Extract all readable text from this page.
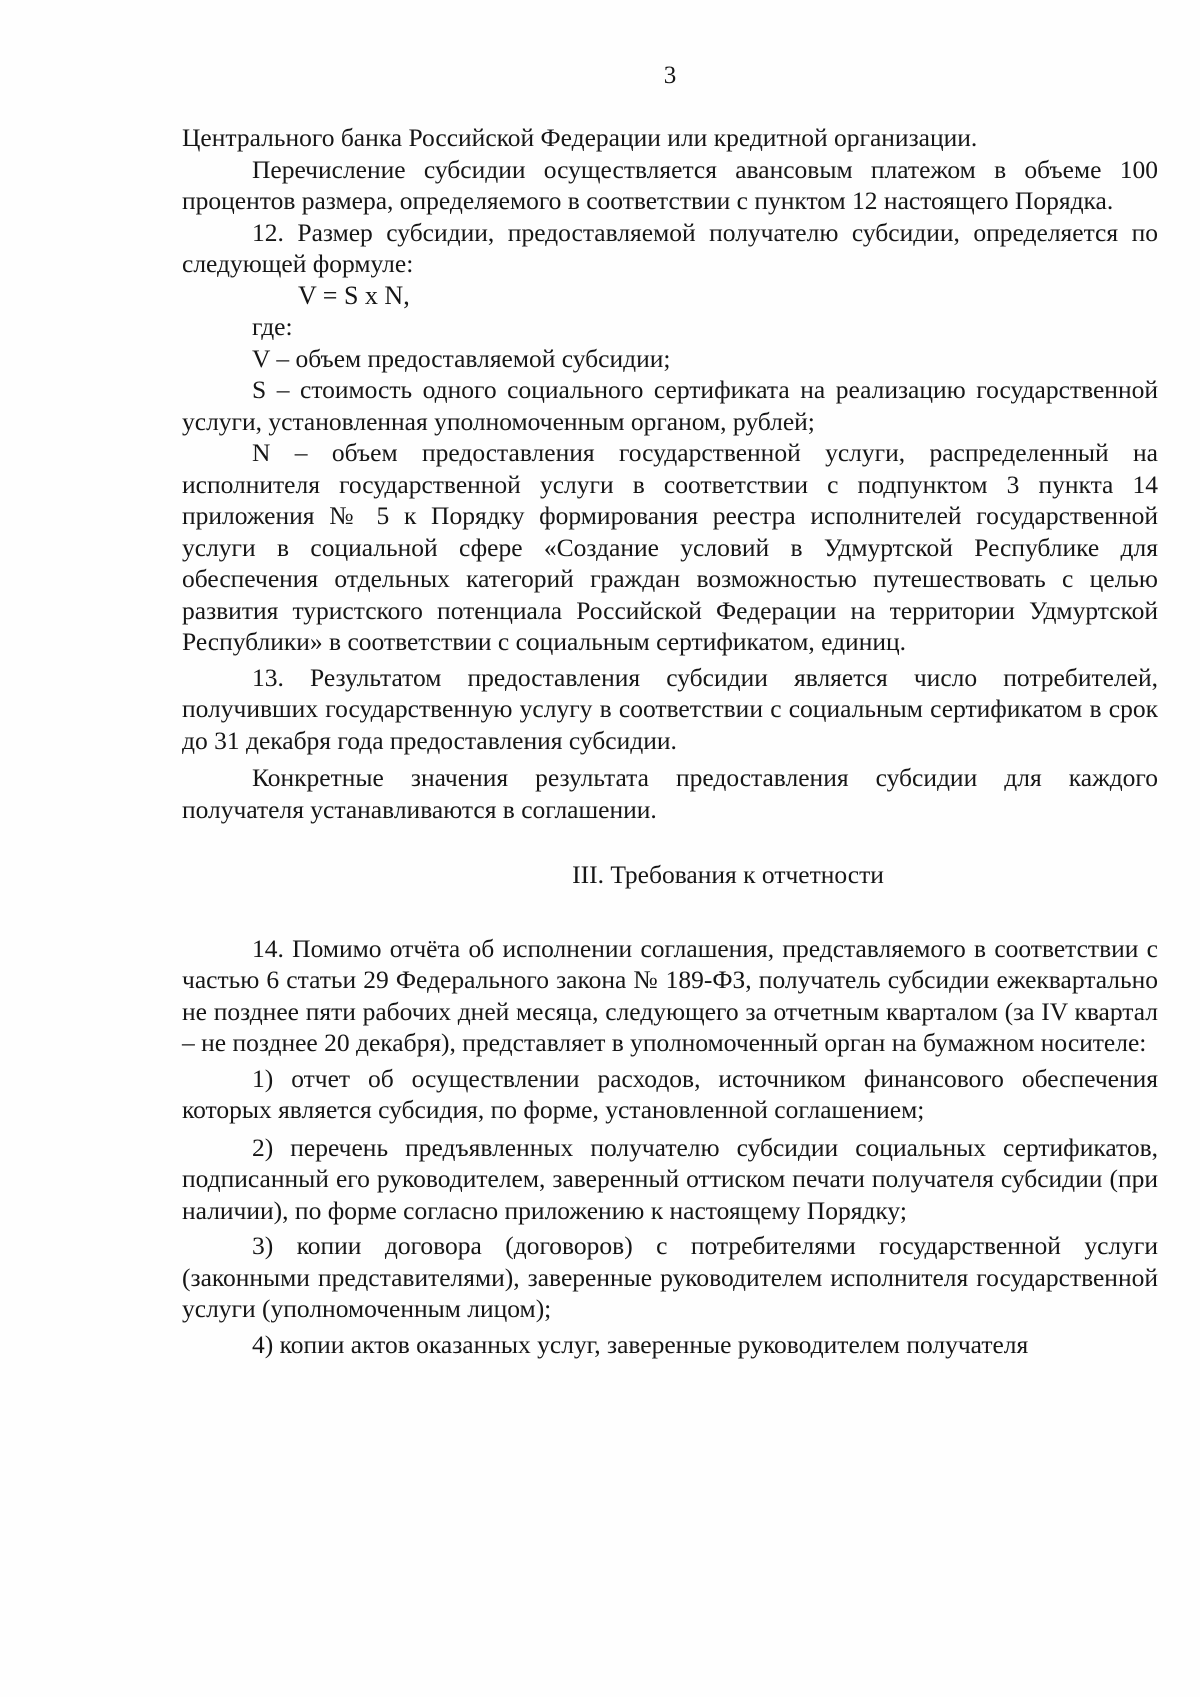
3

Центрального банка Российской Федерации или кредитной организации.

Перечисление субсидии осуществляется авансовым платежом в объеме 100 процентов размера, определяемого в соответствии с пунктом 12 настоящего Порядка.

12. Размер субсидии, предоставляемой получателю субсидии, определяется по следующей формуле:

V = S x N,

где:

V – объем предоставляемой субсидии;

S – стоимость одного социального сертификата на реализацию государственной услуги, установленная уполномоченным органом, рублей;

N – объем предоставления государственной услуги, распределенный на исполнителя государственной услуги в соответствии с подпунктом 3 пункта 14 приложения № 5 к Порядку формирования реестра исполнителей государственной услуги в социальной сфере «Создание условий в Удмуртской Республике для обеспечения отдельных категорий граждан возможностью путешествовать с целью развития туристского потенциала Российской Федерации на территории Удмуртской Республики» в соответствии с социальным сертификатом, единиц.

13. Результатом предоставления субсидии является число потребителей, получивших государственную услугу в соответствии с социальным сертификатом в срок до 31 декабря года предоставления субсидии.

Конкретные значения результата предоставления субсидии для каждого получателя устанавливаются в соглашении.

III. Требования к отчетности

14. Помимо отчёта об исполнении соглашения, представляемого в соответствии с частью 6 статьи 29 Федерального закона № 189-ФЗ, получатель субсидии ежеквартально не позднее пяти рабочих дней месяца, следующего за отчетным кварталом (за IV квартал – не позднее 20 декабря), представляет в уполномоченный орган на бумажном носителе:

1) отчет об осуществлении расходов, источником финансового обеспечения которых является субсидия, по форме, установленной соглашением;

2) перечень предъявленных получателю субсидии социальных сертификатов, подписанный его руководителем, заверенный оттиском печати получателя субсидии (при наличии), по форме согласно приложению к настоящему Порядку;

3) копии договора (договоров) с потребителями государственной услуги (законными представителями), заверенные руководителем исполнителя государственной услуги (уполномоченным лицом);

4) копии актов оказанных услуг, заверенные руководителем получателя
